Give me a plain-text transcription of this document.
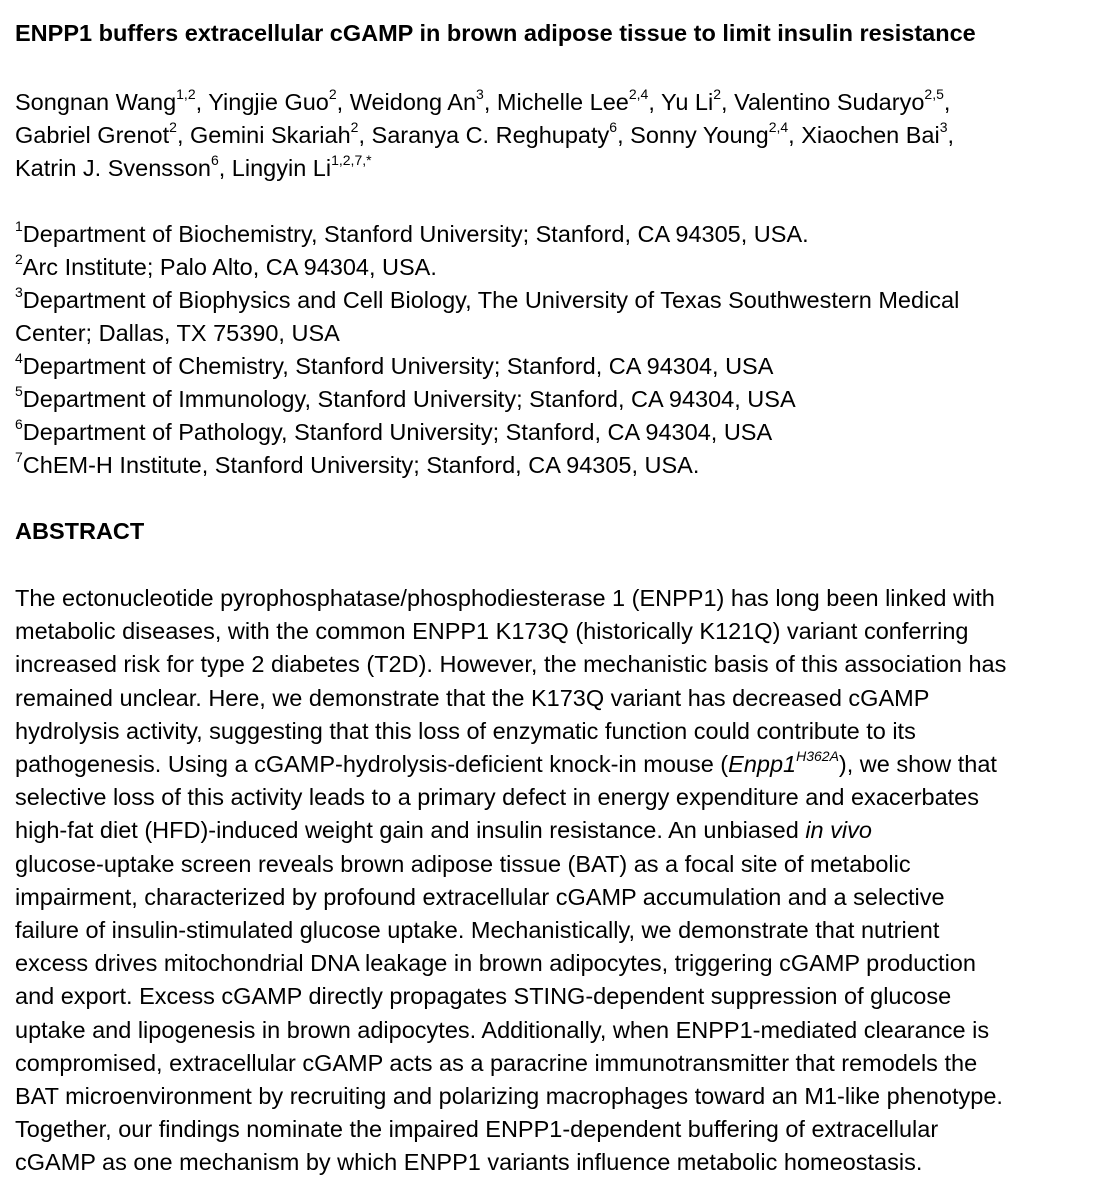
ENPP1 buffers extracellular cGAMP in brown adipose tissue to limit insulin resistance
Songnan Wang$^{1,2}$, Yingjie Guo$^2$, Weidong An$^3$, Michelle Lee$^{2,4}$, Yu Li$^2$, Valentino Sudaryo$^{2,5}$,
Gabriel Grenot$^2$, Gemini Skariah$^2$, Saranya C. Reghupaty$^6$, Sonny Young$^{2,4}$, Xiaochen Bai$^3$,
Katrin J. Svensson$^6$, Lingyin $Li^{1,2,7,*}$
$^1$Department of Biochemistry, Stanford University; Stanford, CA 94305, USA.
$^2$Arc Institute; Palo Alto, CA 94304, USA.
$^3$Department of Biophysics and Cell Biology, The University of Texas Southwestern Medical
Center; Dallas, TX 75390, USA
$^4$Department of Chemistry, Stanford University; Stanford, CA 94304, USA
$^5$Department of Immunology, Stanford University; Stanford, CA 94304, USA
$^6$Department of Pathology, Stanford University; Stanford, CA 94304, USA
$^7$ChEM-H Institute, Stanford University; Stanford, CA 94305, USA.
ABSTRACT
The ectonucleotide pyrophosphatase/phosphodiesterase 1 (ENPP1) has long been linked with
metabolic diseases, with the common ENPP1 K173Q (historically K121Q) variant conferring
increased risk for type 2 diabetes (T2D). However, the mechanistic basis of this association has
remained unclear. Here, we demonstrate that the K173Q variant has decreased cGAMP
hydrolysis activity, suggesting that this loss of enzymatic function could contribute to its
pathogenesis. Using a cGAMP-hydrolysis-deficient knock-in mouse $(Enpp1^{H362A})$, we show that
selective loss of this activity leads to a primary defect in energy expenditure and exacerbates
high-fat diet (HFD)-induced weight gain and insulin resistance. An unbiased in vivo
glucose-uptake screen reveals brown adipose tissue (BAT) as a focal site of metabolic
impairment, characterized by profound extracellular cGAMP accumulation and a selective
failure of insulin-stimulated glucose uptake. Mechanistically, we demonstrate that nutrient
excess drives mitochondrial DNA leakage in brown adipocytes, triggering cGAMP production
and export. Excess cGAMP directly propagates STING-dependent suppression of glucose
uptake and lipogenesis in brown adipocytes. Additionally, when ENPP1-mediated clearance is
compromised, extracellular cGAMP acts as a paracrine immunotransmitter that remodels the
BAT microenvironment by recruiting and polarizing macrophages toward an M1-like phenotype.
Together, our findings nominate the impaired ENPP1-dependent buffering of extracellular
cGAMP as one mechanism by which ENPP1 variants influence metabolic homeostasis.
